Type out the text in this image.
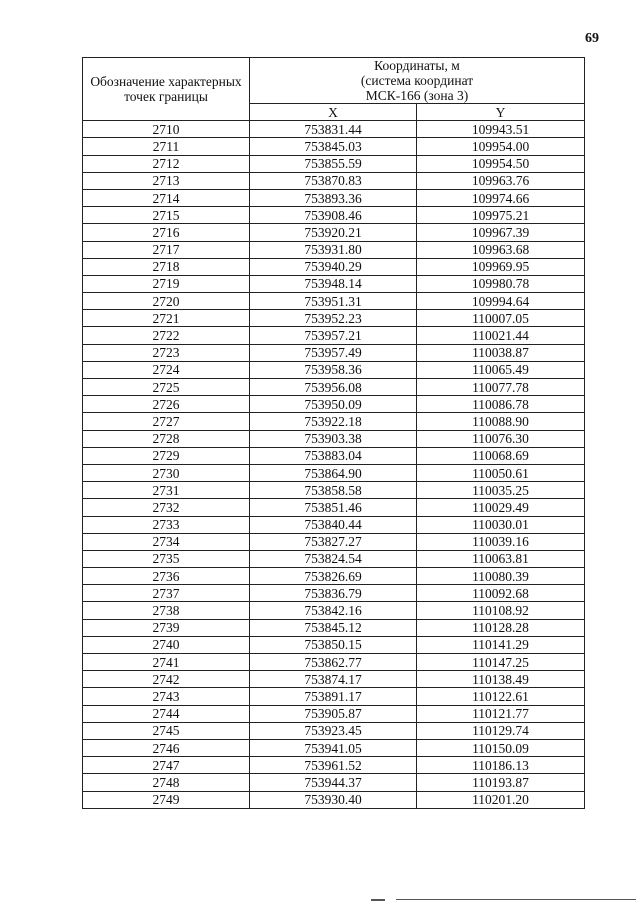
69
Обозначение характерных точек границы	Координаты, м
(система координат
МСК-166 (зона 3)	

	X	Y
2710	753831.44	109943.51
2711	753845.03	109954.00
2712	753855.59	109954.50
2713	753870.83	109963.76
2714	753893.36	109974.66
2715	753908.46	109975.21
2716	753920.21	109967.39
2717	753931.80	109963.68
2718	753940.29	109969.95
2719	753948.14	109980.78
2720	753951.31	109994.64
2721	753952.23	110007.05
2722	753957.21	110021.44
2723	753957.49	110038.87
2724	753958.36	110065.49
2725	753956.08	110077.78
2726	753950.09	110086.78
2727	753922.18	110088.90
2728	753903.38	110076.30
2729	753883.04	110068.69
2730	753864.90	110050.61
2731	753858.58	110035.25
2732	753851.46	110029.49
2733	753840.44	110030.01
2734	753827.27	110039.16
2735	753824.54	110063.81
2736	753826.69	110080.39
2737	753836.79	110092.68
2738	753842.16	110108.92
2739	753845.12	110128.28
2740	753850.15	110141.29
2741	753862.77	110147.25
2742	753874.17	110138.49
2743	753891.17	110122.61
2744	753905.87	110121.77
2745	753923.45	110129.74
2746	753941.05	110150.09
2747	753961.52	110186.13
2748	753944.37	110193.87
2749	753930.40	110201.20
